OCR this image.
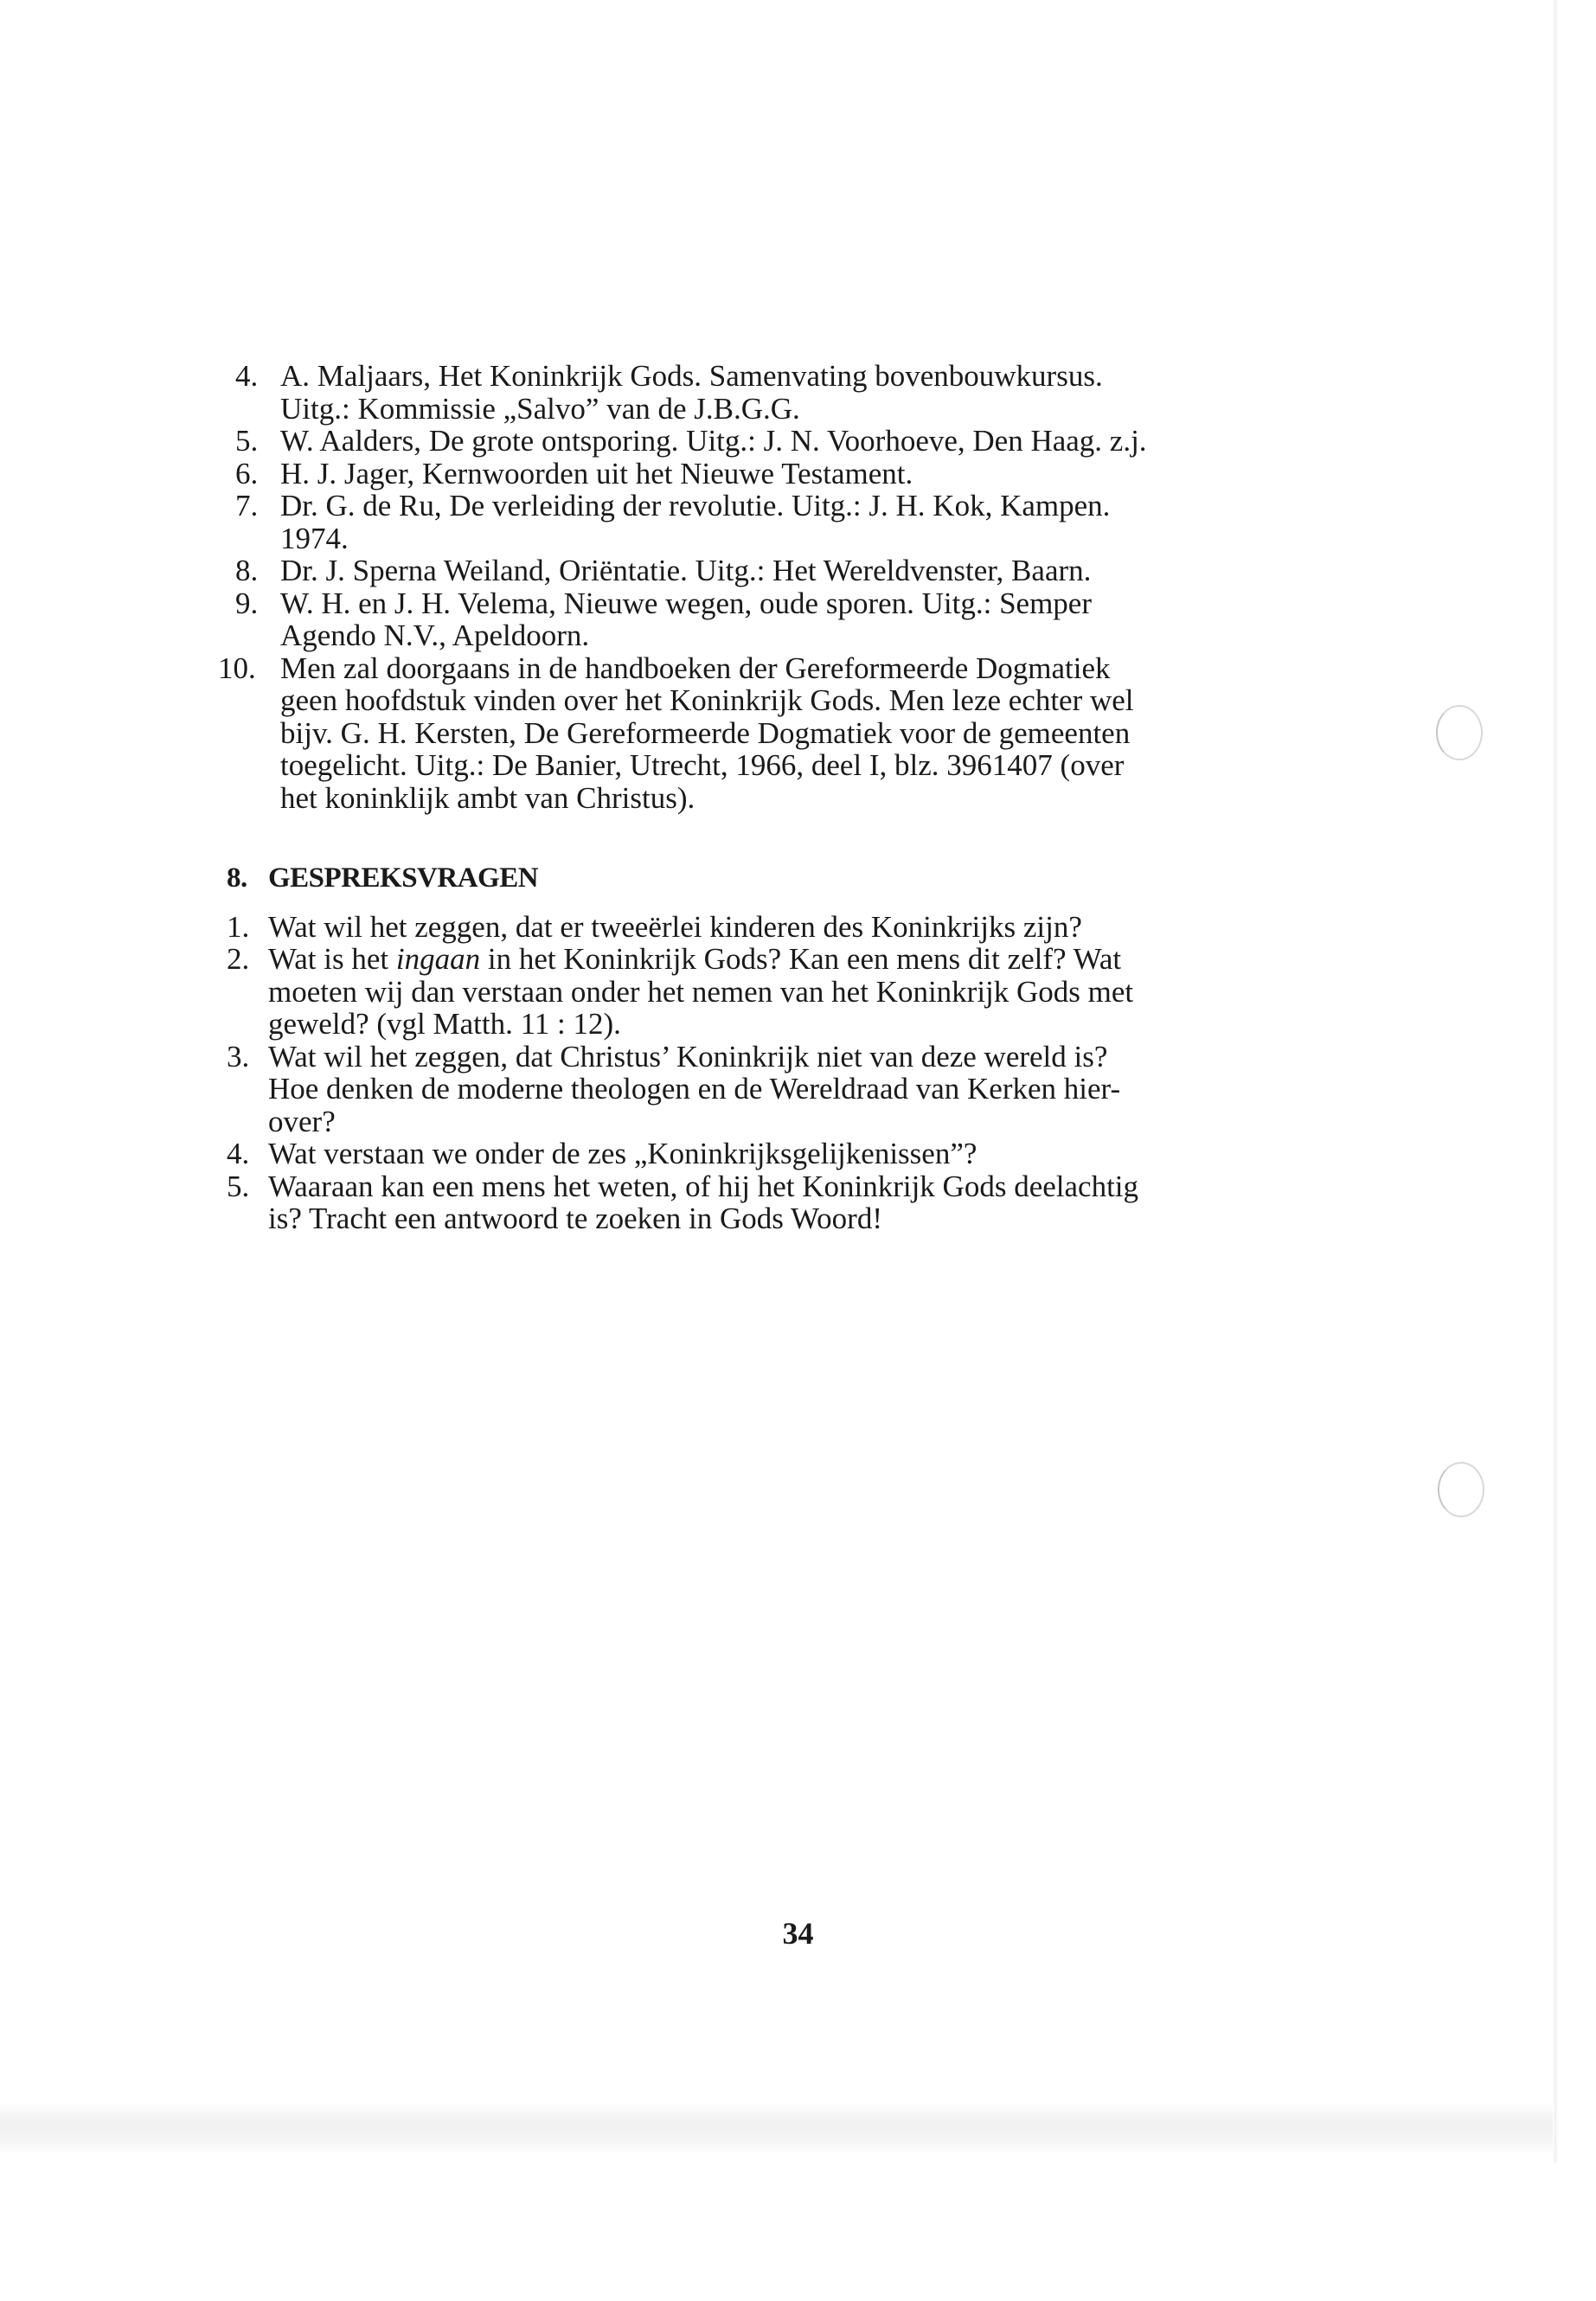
4. A. Maljaars, Het Koninkrijk Gods. Samenvating bovenbouwkursus.
Uitg.: Kommissie „Salvo” van de J.B.G.G.
5. W. Aalders, De grote ontsporing. Uitg.: J. N. Voorhoeve, Den Haag. z.j.
6. H. J. Jager, Kernwoorden uit het Nieuwe Testament.
7. Dr. G. de Ru, De verleiding der revolutie. Uitg.: J. H. Kok, Kampen.
1974.
8. Dr. J. Sperna Weiland, Oriëntatie. Uitg.: Het Wereldvenster, Baarn.
9. W. H. en J. H. Velema, Nieuwe wegen, oude sporen. Uitg.: Semper
Agendo N.V., Apeldoorn.
10. Men zal doorgaans in de handboeken der Gereformeerde Dogmatiek
geen hoofdstuk vinden over het Koninkrijk Gods. Men leze echter wel
bijv. G. H. Kersten, De Gereformeerde Dogmatiek voor de gemeenten
toegelicht. Uitg.: De Banier, Utrecht, 1966, deel I, blz. 3961407 (over
het koninklijk ambt van Christus).
8. GESPREKSVRAGEN
1. Wat wil het zeggen, dat er tweeërlei kinderen des Koninkrijks zijn?
2. Wat is het ingaan in het Koninkrijk Gods? Kan een mens dit zelf? Wat
moeten wij dan verstaan onder het nemen van het Koninkrijk Gods met
geweld? (vgl Matth. 11 : 12).
3. Wat wil het zeggen, dat Christus’ Koninkrijk niet van deze wereld is?
Hoe denken de moderne theologen en de Wereldraad van Kerken hier-
over?
4. Wat verstaan we onder de zes „Koninkrijksgelijkenissen”?
5. Waaraan kan een mens het weten, of hij het Koninkrijk Gods deelachtig
is? Tracht een antwoord te zoeken in Gods Woord!
34
